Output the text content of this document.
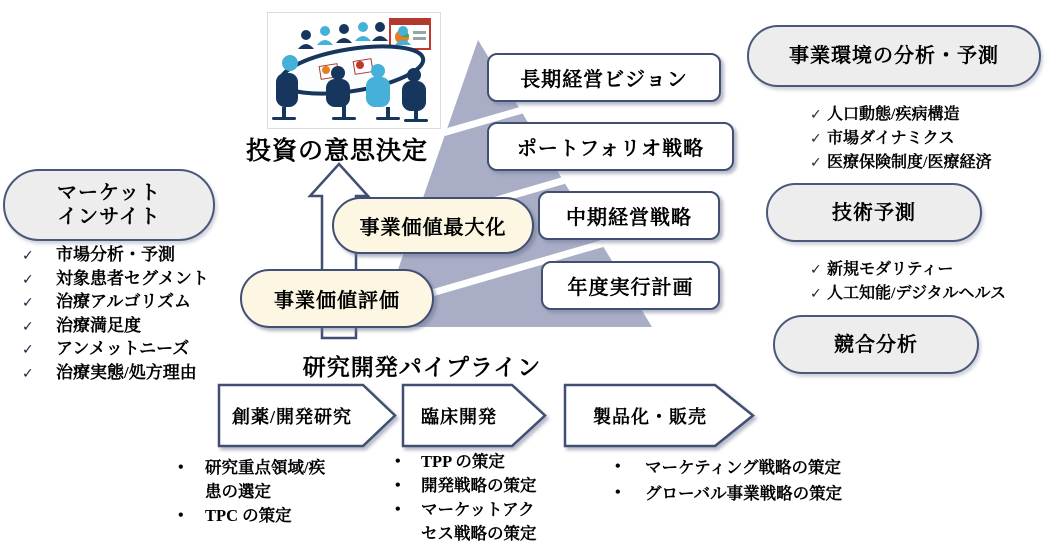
投資の意思決定
長期経営ビジョン
ポートフォリオ戦略
中期経営戦略
年度実行計画
事業価値最大化
事業価値評価
マーケット
インサイト
✓	市場分析・予測
✓	対象患者セグメント
✓	治療アルゴリズム
✓	治療満足度
✓	アンメットニーズ
✓	治療実態/処方理由
事業環境の分析・予測
✓ 人口動態/疾病構造
✓ 市場ダイナミクス
✓ 医療保険制度/医療経済
技術予測
✓ 新規モダリティー
✓ 人工知能/デジタルヘルス
競合分析
研究開発パイプライン
創薬/開発研究	臨床開発	製品化・販売
•	研究重点領域/疾患の選定
•	TPC の策定
•	TPP の策定
•	開発戦略の策定
•	マーケットアクセス戦略の策定
•	マーケティング戦略の策定
•	グローバル事業戦略の策定
